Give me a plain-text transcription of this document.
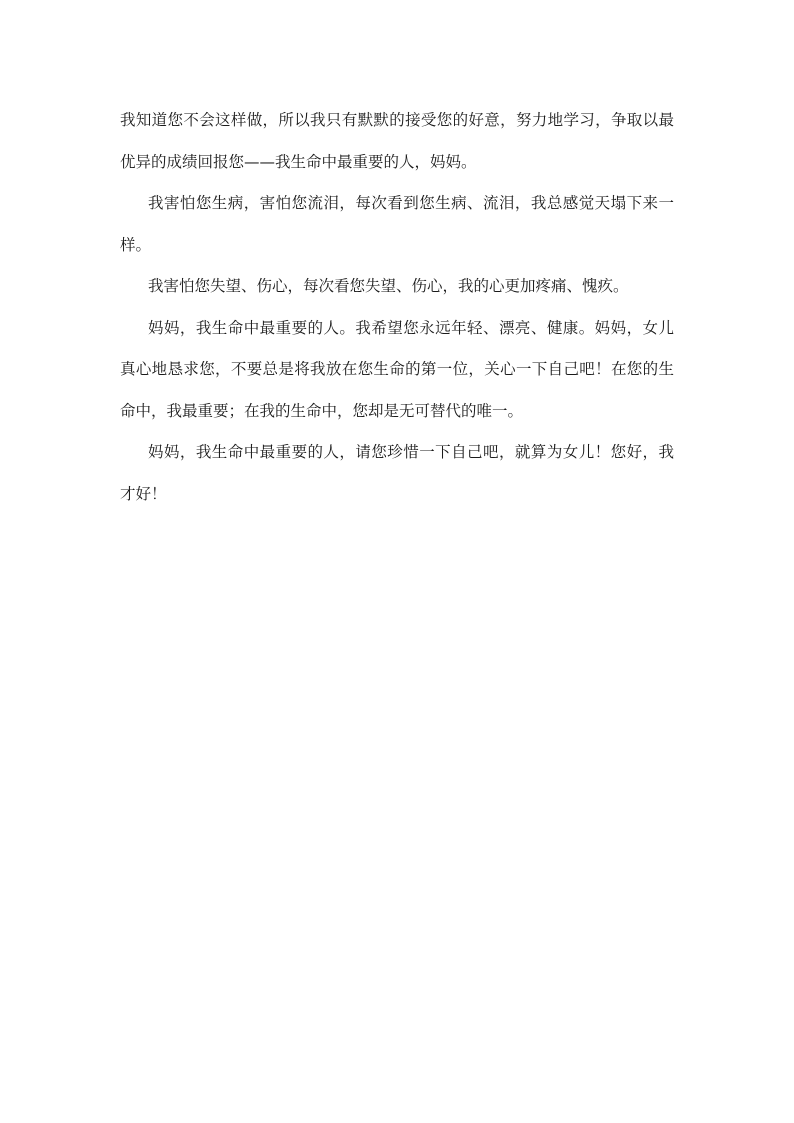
我知道您不会这样做，所以我只有默默的接受您的好意，努力地学习，争取以最优异的成绩回报您——我生命中最重要的人，妈妈。

我害怕您生病，害怕您流泪，每次看到您生病、流泪，我总感觉天塌下来一样。

我害怕您失望、伤心，每次看您失望、伤心，我的心更加疼痛、愧疚。

妈妈，我生命中最重要的人。我希望您永远年轻、漂亮、健康。妈妈，女儿真心地恳求您，不要总是将我放在您生命的第一位，关心一下自己吧！在您的生命中，我最重要；在我的生命中，您却是无可替代的唯一。

妈妈，我生命中最重要的人，请您珍惜一下自己吧，就算为女儿！您好，我才好！
